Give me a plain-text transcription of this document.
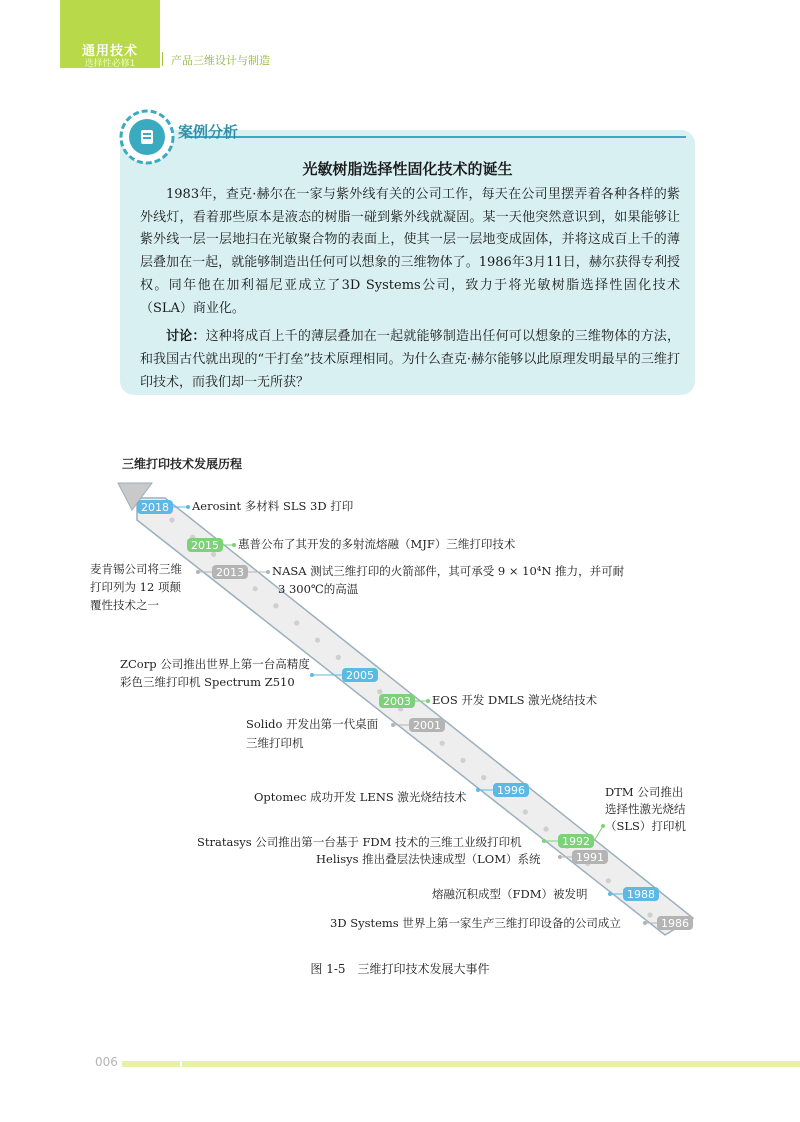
通用技术
选择性必修1	产品三维设计与制造
案例分析
光敏树脂选择性固化技术的诞生

1983年，查克·赫尔在一家与紫外线有关的公司工作，每天在公司里摆弄着各种各样的紫外线灯，看着那些原本是液态的树脂一碰到紫外线就凝固。某一天他突然意识到，如果能够让紫外线一层一层地扫在光敏聚合物的表面上，使其一层一层地变成固体，并将这成百上千的薄层叠加在一起，就能够制造出任何可以想象的三维物体了。1986年3月11日，赫尔获得专利授权。同年他在加利福尼亚成立了3D Systems公司，致力于将光敏树脂选择性固化技术（SLA）商业化。

讨论：这种将成百上千的薄层叠加在一起就能够制造出任何可以想象的三维物体的方法，和我国古代就出现的“干打垒”技术原理相同。为什么查克·赫尔能够以此原理发明最早的三维打印技术，而我们却一无所获？

三维打印技术发展历程
2018
2015
2013
2005
2003
2001
1996
1992
1991
1988
1986
Aerosint 多材料 SLS 3D 打印
惠普公布了其开发的多射流熔融（MJF）三维打印技术
麦肯锡公司将三维
打印列为 12 项颠
覆性技术之一
NASA 测试三维打印的火箭部件，其可承受 9 × 10⁴N 推力，并可耐
3 300℃的高温
ZCorp 公司推出世界上第一台高精度
彩色三维打印机 Spectrum Z510
EOS 开发 DMLS 激光烧结技术
Solido 开发出第一代桌面
三维打印机
Optomec 成功开发 LENS 激光烧结技术	DTM 公司推出
选择性激光烧结
（SLS）打印机
Stratasys 公司推出第一台基于 FDM 技术的三维工业级打印机
Helisys 推出叠层法快速成型（LOM）系统
熔融沉积成型（FDM）被发明
3D Systems 世界上第一家生产三维打印设备的公司成立
图 1-5　三维打印技术发展大事件
006
